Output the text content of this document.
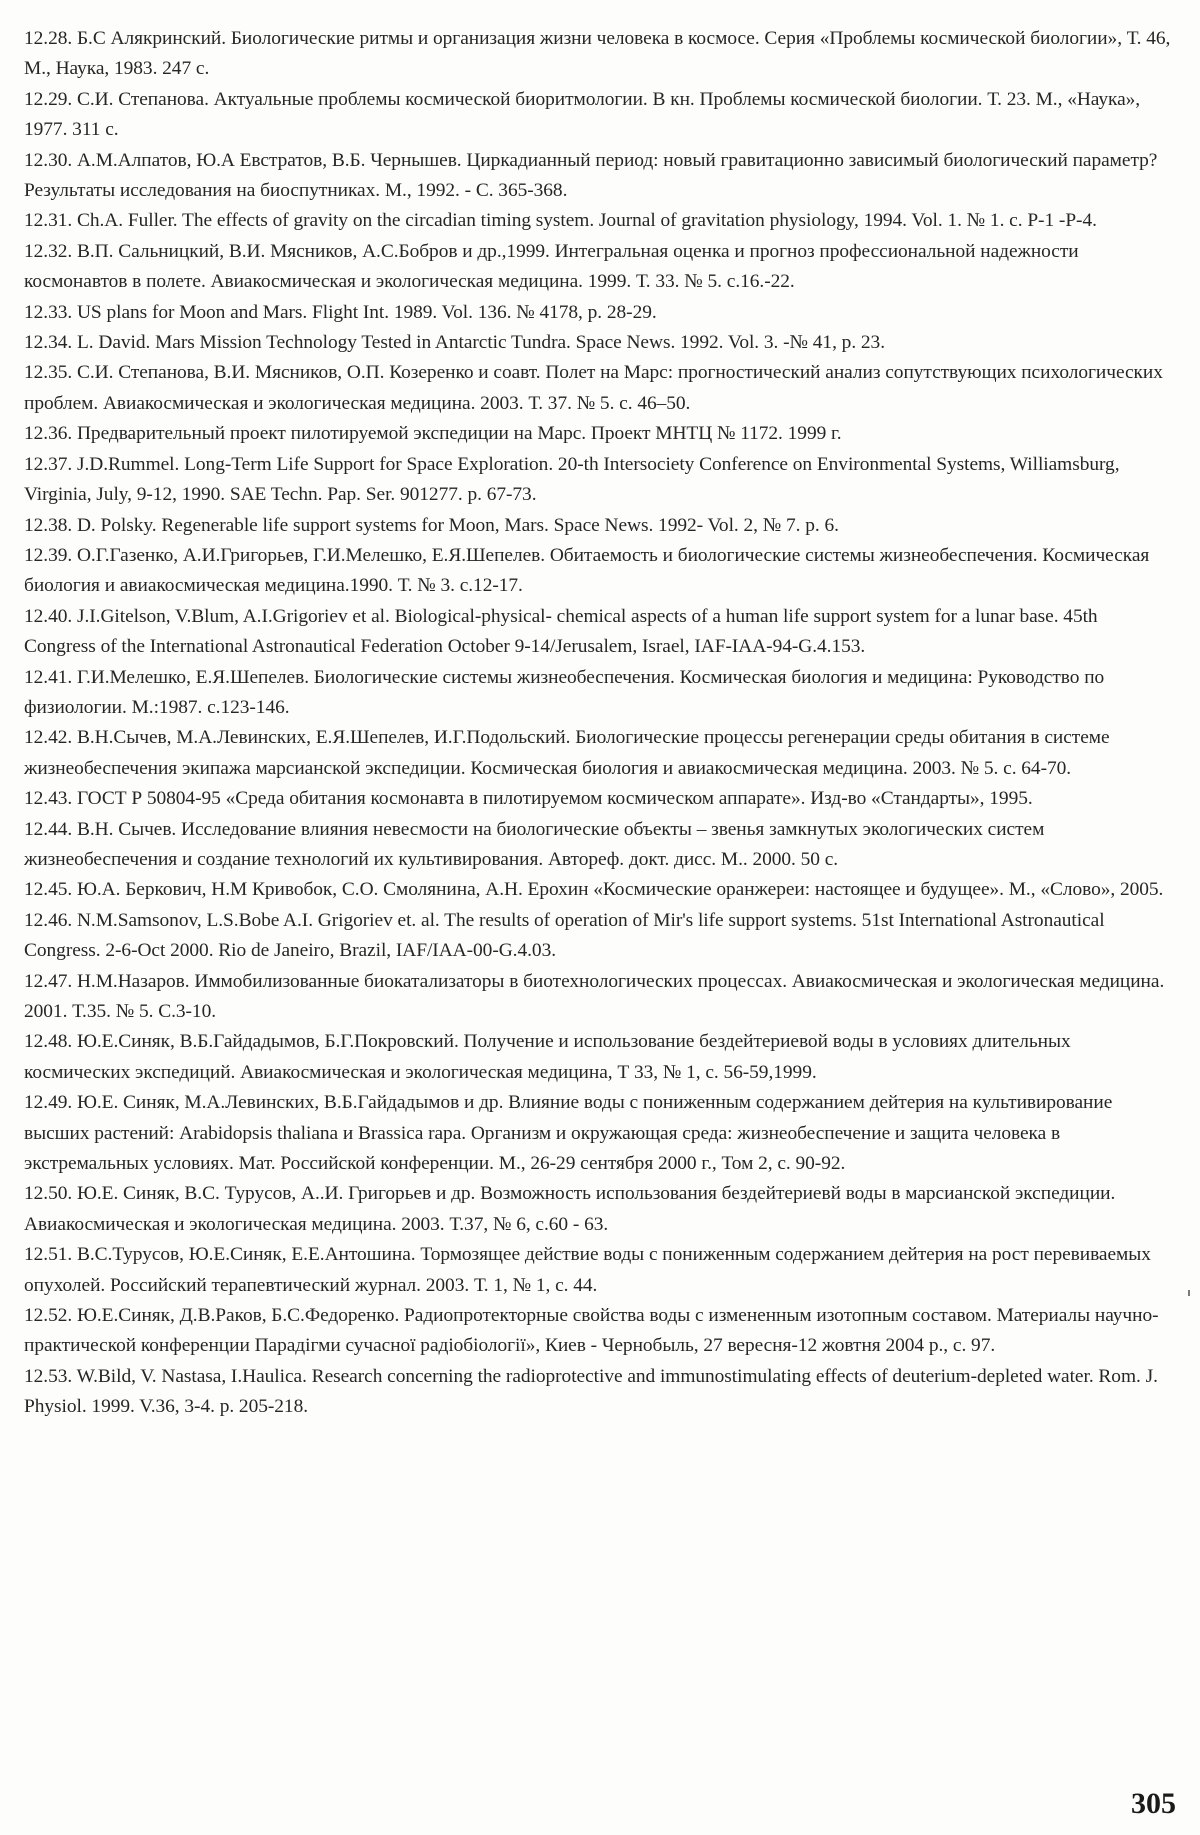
12.28. Б.С Алякринский. Биологические ритмы и организация жизни человека в космосе. Серия «Проблемы космической биологии», Т. 46, М., Наука, 1983. 247 с.

12.29. С.И. Степанова. Актуальные проблемы космической биоритмологии. В кн. Проблемы космической биологии. Т. 23. М., «Наука», 1977. 311 с.

12.30. А.М.Алпатов, Ю.А Евстратов, В.Б. Чернышев. Циркадианный период: новый гравитационно зависимый биологический параметр? Результаты исследования на биоспутниках. М., 1992. - С. 365-368.

12.31. Ch.A. Fuller. The effects of gravity on the circadian timing system. Journal of gravitation physiology, 1994. Vol. 1. № 1. c. P-1 -P-4.

12.32. В.П. Сальницкий, В.И. Мясников, А.С.Бобров и др.,1999. Интегральная оценка и прогноз профессиональной надежности космонавтов в полете. Авиакосмическая и экологическая медицина. 1999. Т. 33. № 5. с.16.-22.

12.33. US plans for Moon and Mars. Flight Int. 1989. Vol. 136. № 4178, p. 28-29.

12.34. L. David. Mars Mission Technology Tested in Antarctic Tundra. Space News. 1992. Vol. 3. -№ 41, p. 23.

12.35. С.И. Степанова, В.И. Мясников, О.П. Козеренко и соавт. Полет на Марс: прогностический анализ сопутствующих психологических проблем. Авиакосмическая и экологическая медицина. 2003. Т. 37. № 5. с. 46–50.

12.36. Предварительный проект пилотируемой экспедиции на Марс. Проект МНТЦ № 1172. 1999 г.

12.37. J.D.Rummel. Long-Term Life Support for Space Exploration. 20-th Intersociety Conference on Environmental Systems, Williamsburg, Virginia, July, 9-12, 1990. SAE Techn. Pap. Ser. 901277. p. 67-73.

12.38. D. Polsky. Regenerable life support systems for Moon, Mars. Space News. 1992- Vol. 2, № 7. p. 6.

12.39. О.Г.Газенко, А.И.Григорьев, Г.И.Мелешко, Е.Я.Шепелев. Обитаемость и биологические системы жизнеобеспечения. Космическая биология и авиакосмическая медицина.1990. Т. № 3. с.12-17.

12.40. J.I.Gitelson, V.Blum, A.I.Grigoriev et al. Biological-physical- chemical aspects of a human life support system for a lunar base. 45th Congress of the International Astronautical Federation October 9-14/Jerusalem, Israel, IAF-IAA-94-G.4.153.

12.41. Г.И.Мелешко, Е.Я.Шепелев. Биологические системы жизнеобеспечения. Космическая биология и медицина: Руководство по физиологии. М.:1987. с.123-146.

12.42. В.Н.Сычев, М.А.Левинских, Е.Я.Шепелев, И.Г.Подольский. Биологические процессы регенерации среды обитания в системе жизнеобеспечения экипажа марсианской экспедиции. Космическая биология и авиакосмическая медицина. 2003. № 5. с. 64-70.

12.43. ГОСТ Р 50804-95 «Среда обитания космонавта в пилотируемом космическом аппарате». Изд-во «Стандарты», 1995.

12.44. В.Н. Сычев. Исследование влияния невесмости на биологические объекты – звенья замкнутых экологических систем жизнеобеспечения и создание технологий их культивирования. Автореф. докт. дисс. М.. 2000. 50 с.

12.45. Ю.А. Беркович, Н.М Кривобок, С.О. Смолянина, А.Н. Ерохин «Космические оранжереи: настоящее и будущее». М., «Слово», 2005.

12.46. N.M.Samsonov, L.S.Bobe A.I. Grigoriev et. al. The results of operation of Mir's life support systems. 51st International Astronautical Congress. 2-6-Oct 2000. Rio de Janeiro, Brazil, IAF/IAA-00-G.4.03.

12.47. Н.М.Назаров. Иммобилизованные биокатализаторы в биотехнологических процессах. Авиакосмическая и экологическая медицина. 2001. Т.35. № 5. С.3-10.

12.48. Ю.Е.Синяк, В.Б.Гайдадымов, Б.Г.Покровский. Получение и использование бездейтериевой воды в условиях длительных космических экспедиций. Авиакосмическая и экологическая медицина, Т 33, № 1, с. 56-59,1999.

12.49. Ю.Е. Синяк, М.А.Левинских, В.Б.Гайдадымов и др. Влияние воды с пониженным содержанием дейтерия на культивирование высших растений: Arabidopsis thaliana и Brassica rapa. Организм и окружающая среда: жизнеобеспечение и защита человека в экстремальных условиях. Мат. Российской конференции. М., 26-29 сентября 2000 г., Том 2, с. 90-92.

12.50. Ю.Е. Синяк, В.С. Турусов, А..И. Григорьев и др. Возможность использования бездейтериевй воды в марсианской экспедиции. Авиакосмическая и экологическая медицина. 2003. Т.37, № 6, с.60 - 63.

12.51. В.С.Турусов, Ю.Е.Синяк, Е.Е.Антошина. Тормозящее действие воды с пониженным содержанием дейтерия на рост перевиваемых опухолей. Российский терапевтический журнал. 2003. Т. 1, № 1, с. 44.

12.52. Ю.Е.Синяк, Д.В.Раков, Б.С.Федоренко. Радиопротекторные свойства воды с измененным изотопным составом. Материалы научно-практической конференции Парадігми сучасної радіобіології», Киев - Чернобыль, 27 вересня-12 жовтня 2004 р., с. 97.

12.53. W.Bild, V. Nastasa, I.Haulica. Research concerning the radioprotective and immunostimulating effects of deuterium-depleted water. Rom. J. Physiol. 1999. V.36, 3-4. p. 205-218.

305
